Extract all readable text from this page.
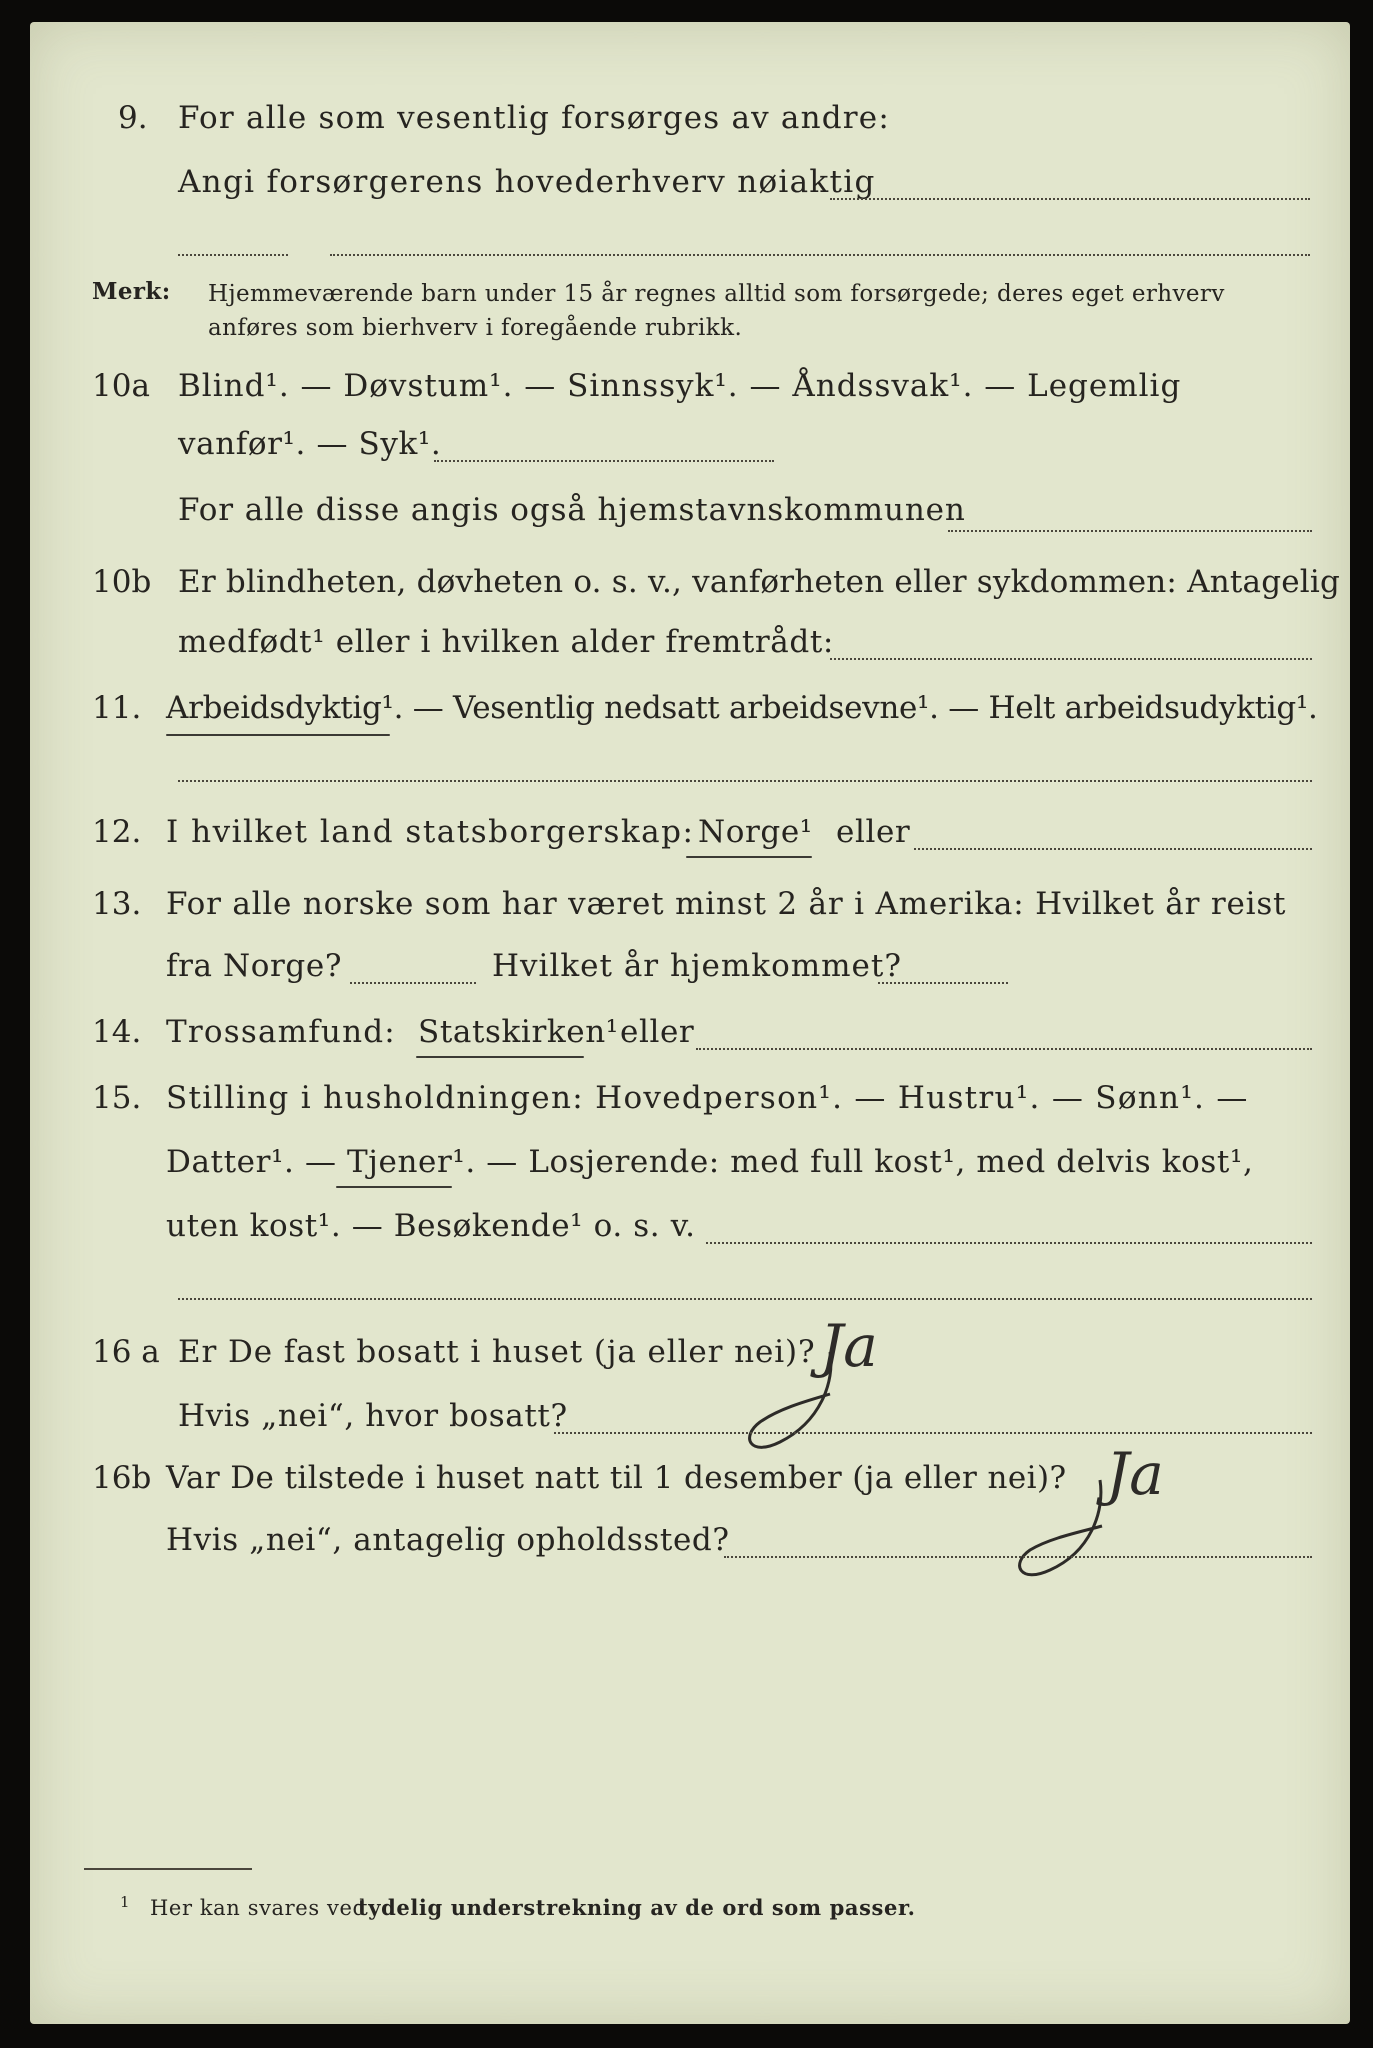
9. For alle som vesentlig forsørges av andre:
Angi forsørgerens hovederhverv nøiaktig
Merk: Hjemmeværende barn under 15 år regnes alltid som forsørgede; deres eget erhverv
anføres som bierhverv i foregående rubrikk.
10a Blind¹. — Døvstum¹. — Sinnssyk¹. — Åndssvak¹. — Legemlig
vanfør¹. — Syk¹.
For alle disse angis også hjemstavnskommunen
10b Er blindheten, døvheten o. s. v., vanførheten eller sykdommen: Antagelig
medfødt¹ eller i hvilken alder fremtrådt:
11. Arbeidsdyktig¹. — Vesentlig nedsatt arbeidsevne¹. — Helt arbeidsudyktig¹.
12. I hvilket land statsborgerskap: Norge¹ eller
13. For alle norske som har været minst 2 år i Amerika: Hvilket år reist
fra Norge?	Hvilket år hjemkommet?
14. Trossamfund: Statskirken¹ eller
15. Stilling i husholdningen: Hovedperson¹. — Hustru¹. — Sønn¹. —
Datter¹. — Tjener¹. — Losjerende: med full kost¹, med delvis kost¹,
uten kost¹. — Besøkende¹ o. s. v.
16 a Er De fast bosatt i huset (ja eller nei)? Ja
Hvis „nei“, hvor bosatt?
16b Var De tilstede i huset natt til 1 desember (ja eller nei)? Ja
Hvis „nei“, antagelig opholdssted?
1 Her kan svares ved
tydelig understrekning av de ord som passer.
